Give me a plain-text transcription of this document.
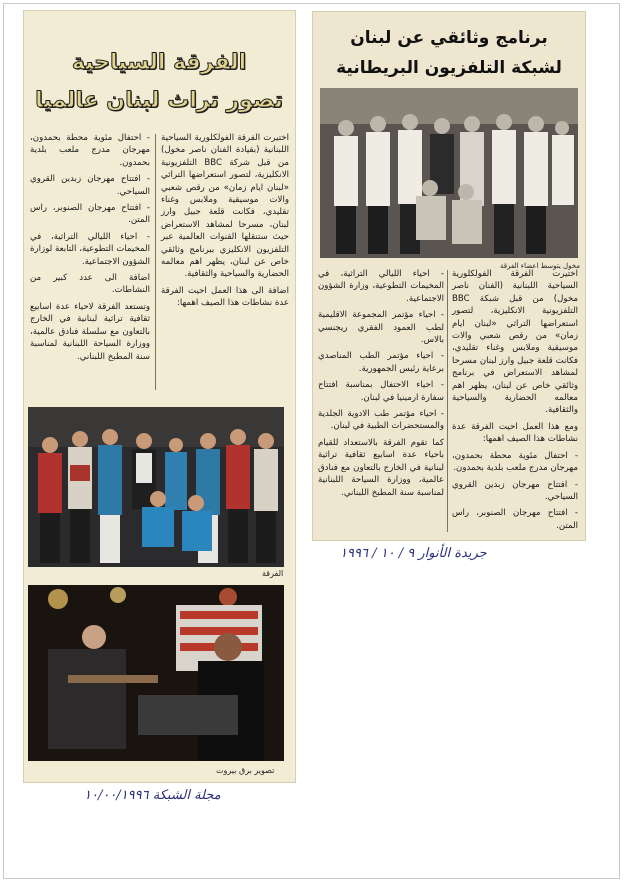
الفرقة السياحية
تصور تراث لبنان عالميا

اختيرت الفرقة الفولكلورية السياحية اللبنانية (بقيادة الفنان ناصر مخول) من قبل شركة BBC التلفزيونية الانكليزية، لتصور استعراضها التراثي «لبنان ايام زمان» من رقص شعبي والات موسيقية وملابس وغناء تقليدي، فكانت قلعة جبيل وارز لبنان، مسرحا لمشاهد الاستعراض حيث ستنقلها القنوات العالمية عبر التلفزيون الانكليزي ببرنامج وثائقي خاص عن لبنان، يظهر اهم معالمه الحضارية والسياحية والثقافية.

اضافة الى هذا العمل احيت الفرقة عدة نشاطات هذا الصيف اهمها:

- احتفال مئوية محطة بحمدون، مهرجان مدرج ملعب بلدية بحمدون.

- افتتاح مهرجان زبدين القروي السياحي.

- افتتاح مهرجان الصنوبر، راس المتن.

- احياء الليالي التراثية، في المخيمات التطوعية، التابعة لوزارة الشؤون الاجتماعية.

اضافة الى عدد كبير من النشاطات.

وتستعد الفرقة لاحياء عدة اسابيع ثقافية تراثية لبنانية في الخارج بالتعاون مع سلسلة فنادق عالمية، ووزارة السياحة اللبنانية لمناسبة سنة المطبخ اللبناني.

الفرقة
تصوير برق بيروت
مجلة الشبكة ١٠/٠٠/١٩٩٦
برنامج وثائقي عن لبنان
لشبكة التلفزيون البريطانية
مخول يتوسط اعضاء الفرقة

اختيرت الفرقة الفولكلورية السياحية اللبنانية (الفنان ناصر مخول) من قبل شبكة BBC التلفزيونية الانكليزية، لتصور استعراضها التراثي «لبنان ايام زمان» من رقص شعبي والات موسيقية وملابس وغناء تقليدي، فكانت قلعة جبيل وارز لبنان مسرحا لمشاهد الاستعراض في برنامج وثائقي خاص عن لبنان، يظهر اهم معالمه الحضارية والسياحية والثقافية.

ومع هذا العمل احيت الفرقة عدة نشاطات هذا الصيف اهمها:

- احتفال مئوية محطة بحمدون، مهرجان مدرج ملعب بلدية بحمدون.

- افتتاح مهرجان زبدين القروي السياحي.

- افتتاح مهرجان الصنوبر، راس المتن.

- احياء الليالي التراثية، في المخيمات التطوعية، وزارة الشؤون الاجتماعية.

- احياء مؤتمر المجموعة الاقليمية لطب العمود الفقري ريجنسي بالاس.

- احياء مؤتمر الطب المناصدي برعاية رئيس الجمهورية.

- احياء الاحتفال بمناسبة افتتاح سفارة ارمينيا في لبنان.

- احياء مؤتمر طب الادوية الجلدية والمستحضرات الطبية في لبنان.

كما تقوم الفرقة بالاستعداد للقيام باحياء عدة اسابيع ثقافية تراثية لبنانية في الخارج بالتعاون مع فنادق عالمية، ووزارة السياحة اللبنانية لمناسبة سنة المطبخ اللبناني.

جريدة الأنوار ٩ / ١٠ / ١٩٩٦
